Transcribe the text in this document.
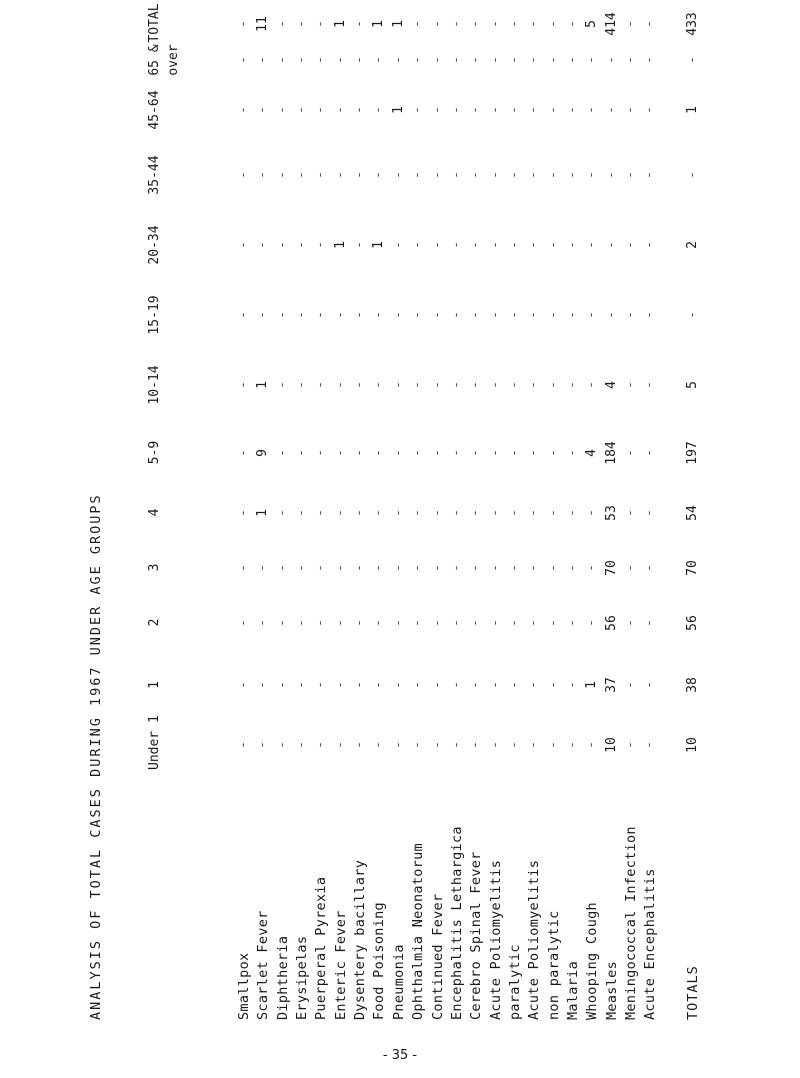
ANALYSIS OF TOTAL CASES DURING 1967 UNDER AGE GROUPS	Under 1
1
2
3
4
5-9
10-14
15-19
20-34
35-44
45-64
65 & over
TOTAL
Smallpox
-
-
-
-
-
-
-
-
-
-
-
-
-
Scarlet Fever
-
-
-
-
1
9
1
-
-
-
-
-
11
Diphtheria
-
-
-
-
-
-
-
-
-
-
-
-
-
Erysipelas
-
-
-
-
-
-
-
-
-
-
-
-
-
Puerperal Pyrexia
-
-
-
-
-
-
-
-
-
-
-
-
-
Enteric Fever
-
-
-
-
-
-
-
-
1
-
-
-
1
Dysentery bacillary
-
-
-
-
-
-
-
-
-
-
-
-
-
Food Poisoning
-
-
-
-
-
-
-
-
1
-
-
-
1
Pneumonia
-
-
-
-
-
-
-
-
-
-
1
-
1
Ophthalmia Neonatorum
-
-
-
-
-
-
-
-
-
-
-
-
-
Continued Fever
-
-
-
-
-
-
-
-
-
-
-
-
-
Encephalitis Lethargica
-
-
-
-
-
-
-
-
-
-
-
-
-
Cerebro Spinal Fever
-
-
-
-
-
-
-
-
-
-
-
-
-
Acute Poliomyelitis
-
-
-
-
-
-
-
-
-
-
-
-
-
paralytic
-
-
-
-
-
-
-
-
-
-
-
-
-
Acute Poliomyelitis
-
-
-
-
-
-
-
-
-
-
-
-
-
non paralytic
-
-
-
-
-
-
-
-
-
-
-
-
-
Malaria
-
-
-
-
-
-
-
-
-
-
-
-
-
Whooping Cough
-
1
-
-
-
4
-
-
-
-
-
-
5
Measles
10
37
56
70
53
184
4
-
-
-
-
-
414
Meningococcal Infection
-
-
-
-
-
-
-
-
-
-
-
-
-
Acute Encephalitis
-
-
-
-
-
-
-
-
-
-
-
-
-
TOTALS
10
38
56
70
54
197
5
-
2
-
1
-
433
- 35 -
